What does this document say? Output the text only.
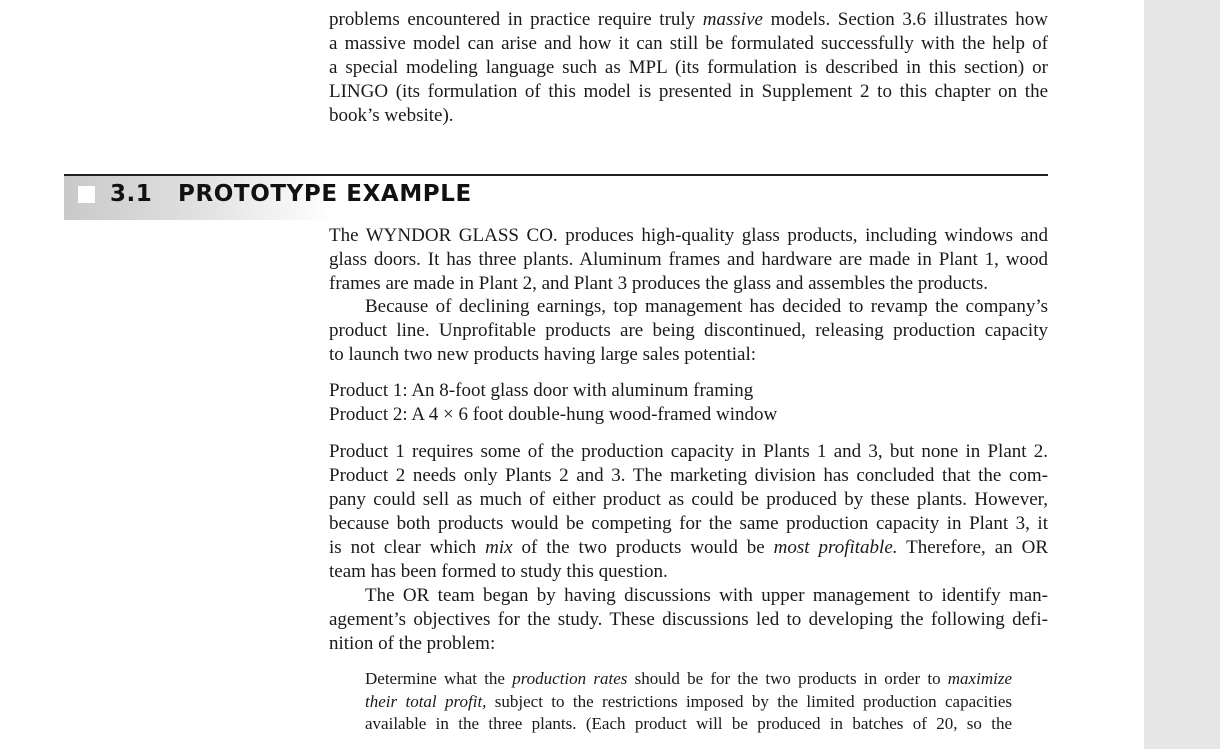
problems encountered in practice require truly massive models. Section 3.6 illustrates how
a massive model can arise and how it can still be formulated successfully with the help of
a special modeling language such as MPL (its formulation is described in this section) or
LINGO (its formulation of this model is presented in Supplement 2 to this chapter on the
book’s website).
3.1 PROTOTYPE EXAMPLE
The WYNDOR GLASS CO. produces high-quality glass products, including windows and
glass doors. It has three plants. Aluminum frames and hardware are made in Plant 1, wood
frames are made in Plant 2, and Plant 3 produces the glass and assembles the products.
Because of declining earnings, top management has decided to revamp the company’s
product line. Unprofitable products are being discontinued, releasing production capacity
to launch two new products having large sales potential:
Product 1: An 8-foot glass door with aluminum framing
Product 2: A 4 × 6 foot double-hung wood-framed window
Product 1 requires some of the production capacity in Plants 1 and 3, but none in Plant 2.
Product 2 needs only Plants 2 and 3. The marketing division has concluded that the com-
pany could sell as much of either product as could be produced by these plants. However,
because both products would be competing for the same production capacity in Plant 3, it
is not clear which mix of the two products would be most profitable. Therefore, an OR
team has been formed to study this question.
The OR team began by having discussions with upper management to identify man-
agement’s objectives for the study. These discussions led to developing the following defi-
nition of the problem:
Determine what the production rates should be for the two products in order to maximize
their total profit, subject to the restrictions imposed by the limited production capacities
available in the three plants. (Each product will be produced in batches of 20, so the
